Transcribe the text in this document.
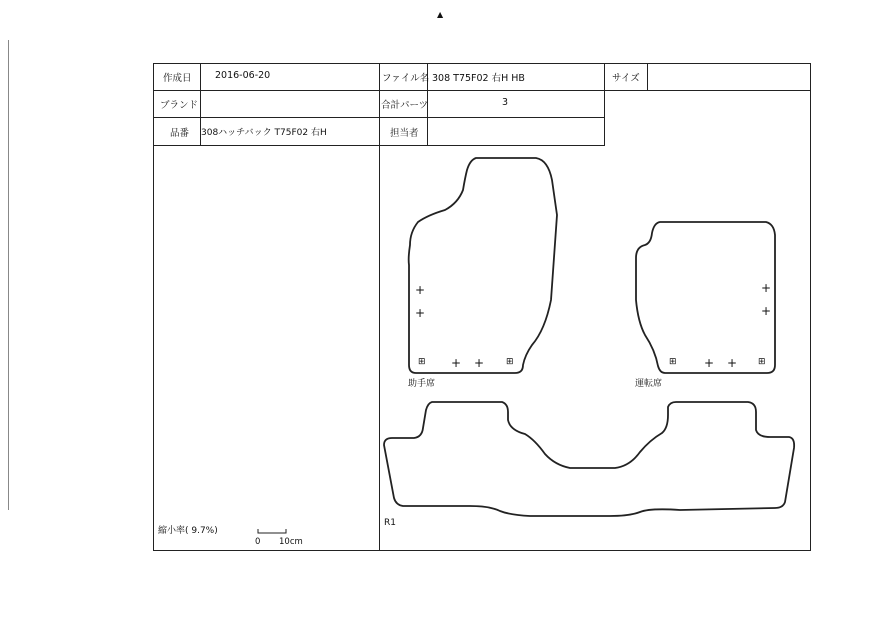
▲
作成日 2016-06-20	ファイル名 308 T75F02 右H HB	サイズ
ブランド	合計パーツ	3
品番 308ハッチバック T75F02 右H	担当者
+
+
⊞ + + ⊞
+
+
⊞ + + ⊞
助手席	運転席
R1
縮小率( 9.7%)
0 10cm
